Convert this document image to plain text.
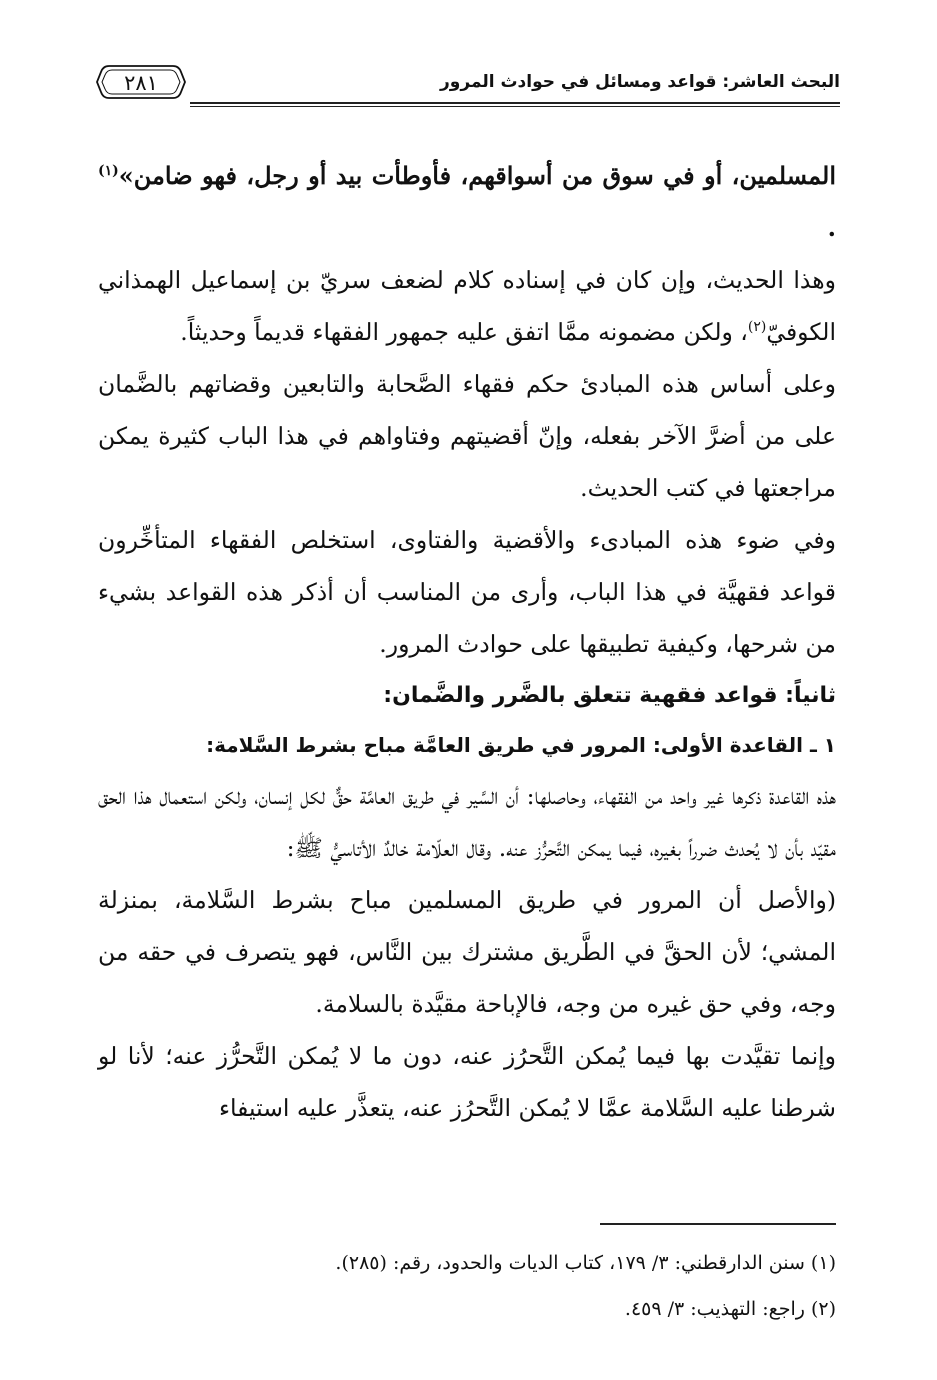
البحث العاشر: قواعد ومسائل في حوادث المرور
٢٨١

المسلمين، أو في سوق من أسواقهم، فأوطأت بيد أو رجل، فهو ضامن»$^{(١)}$ .

وهذا الحديث، وإن كان في إسناده كلام لضعف سريّ بن إسماعيل الهمذاني الكوفيّ$^{(٢)}$، ولكن مضمونه ممَّا اتفق عليه جمهور الفقهاء قديماً وحديثاً.

وعلى أساس هذه المبادئ حكم فقهاء الصَّحابة والتابعين وقضاتهم بالضَّمان على من أضرَّ الآخر بفعله، وإنّ أقضيتهم وفتاواهم في هذا الباب كثيرة يمكن مراجعتها في كتب الحديث.

وفي ضوء هذه المبادىء والأقضية والفتاوى، استخلص الفقهاء المتأخِّرون قواعد فقهيَّة في هذا الباب، وأرى من المناسب أن أذكر هذه القواعد بشيء من شرحها، وكيفية تطبيقها على حوادث المرور.

ثانياً: قواعد فقهية تتعلق بالضَّرر والضَّمان:

١ ـ القاعدة الأولى: المرور في طريق العامَّة مباح بشرط السَّلامة:

هذه القاعدة ذكرها غير واحد من الفقهاء، وحاصلها: أن السَّير في طريق العامَّة حقٌّ لكل إنسان، ولكن استعمال هذا الحق مقيّد بأن لا يُحدث ضرراً بغيره، فيما يمكن التَّحرُّز عنه. وقال العلّامة خالدٌ الأتاسيُّ ﷺ:

(والأصل أن المرور في طريق المسلمين مباح بشرط السَّلامة، بمنزلة المشي؛ لأن الحقَّ في الطَّريق مشترك بين النَّاس، فهو يتصرف في حقه من وجه، وفي حق غيره من وجه، فالإباحة مقيَّدة بالسلامة.

وإنما تقيَّدت بها فيما يُمكن التَّحرُز عنه، دون ما لا يُمكن التَّحرُّز عنه؛ لأنا لو شرطنا عليه السَّلامة عمَّا لا يُمكن التَّحرُز عنه، يتعذَّر عليه استيفاء

(١) سنن الدارقطني: ٣/ ١٧٩، كتاب الديات والحدود، رقم: (٢٨٥).

(٢) راجع: التهذيب: ٣/ ٤٥٩.
